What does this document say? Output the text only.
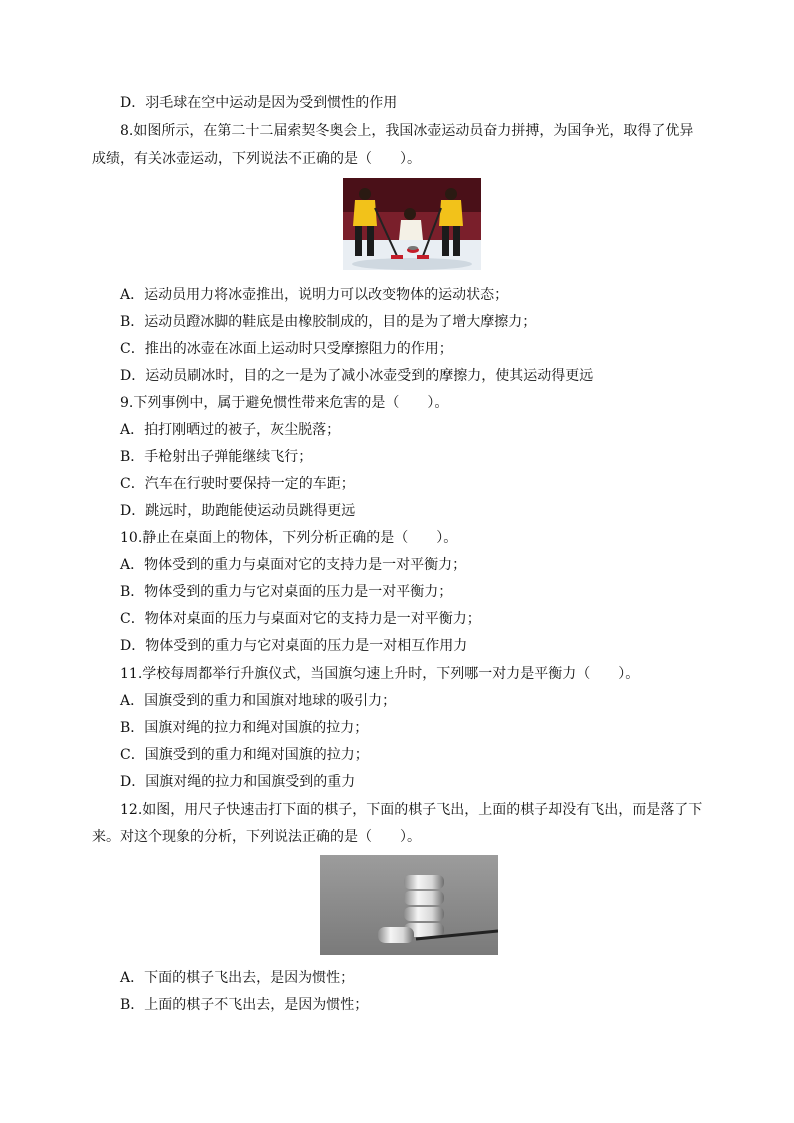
D．羽毛球在空中运动是因为受到惯性的作用
8.如图所示，在第二十二届索契冬奥会上，我国冰壶运动员奋力拼搏，为国争光，取得了优异
成绩，有关冰壶运动，下列说法不正确的是（　　）。
A．运动员用力将冰壶推出，说明力可以改变物体的运动状态；
B．运动员蹬冰脚的鞋底是由橡胶制成的，目的是为了增大摩擦力；
C．推出的冰壶在冰面上运动时只受摩擦阻力的作用；
D．运动员刷冰时，目的之一是为了减小冰壶受到的摩擦力，使其运动得更远
9.下列事例中，属于避免惯性带来危害的是（　　）。
A．拍打刚晒过的被子，灰尘脱落；
B．手枪射出子弹能继续飞行；
C．汽车在行驶时要保持一定的车距；
D．跳远时，助跑能使运动员跳得更远
10.静止在桌面上的物体，下列分析正确的是（　　）。
A．物体受到的重力与桌面对它的支持力是一对平衡力；
B．物体受到的重力与它对桌面的压力是一对平衡力；
C．物体对桌面的压力与桌面对它的支持力是一对平衡力；
D．物体受到的重力与它对桌面的压力是一对相互作用力
11.学校每周都举行升旗仪式，当国旗匀速上升时，下列哪一对力是平衡力（　　）。
A．国旗受到的重力和国旗对地球的吸引力；
B．国旗对绳的拉力和绳对国旗的拉力；
C．国旗受到的重力和绳对国旗的拉力；
D．国旗对绳的拉力和国旗受到的重力
12.如图，用尺子快速击打下面的棋子，下面的棋子飞出，上面的棋子却没有飞出，而是落了下
来。对这个现象的分析，下列说法正确的是（　　）。
A．下面的棋子飞出去，是因为惯性；
B．上面的棋子不飞出去，是因为惯性；
